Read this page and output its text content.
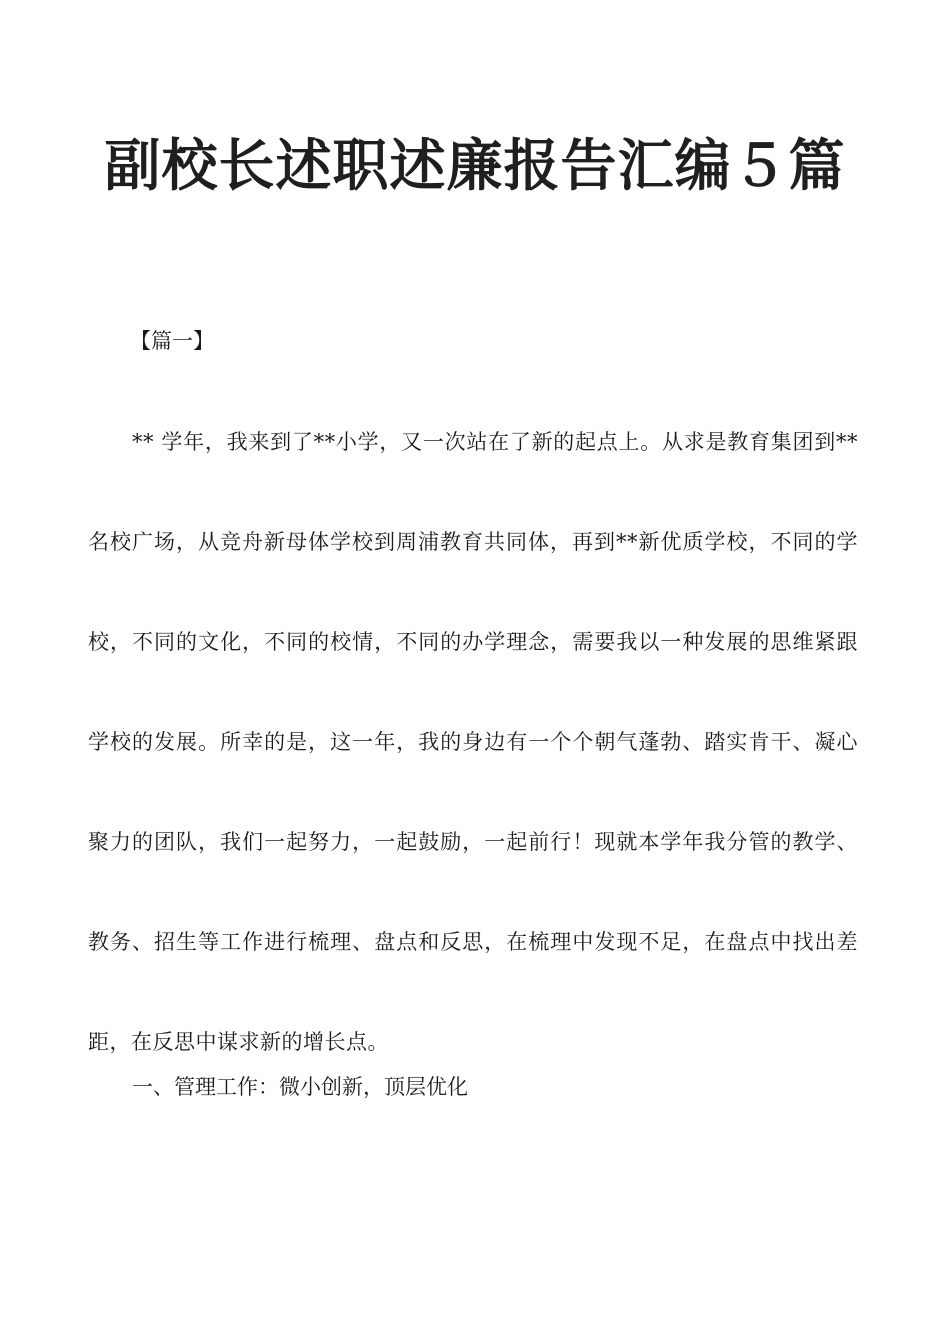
副校长述职述廉报告汇编５篇

【篇一】

** 学年，我来到了**小学，又一次站在了新的起点上。从求是教育集团到**名校广场，从竞舟新母体学校到周浦教育共同体，再到**新优质学校，不同的学校，不同的文化，不同的校情，不同的办学理念，需要我以一种发展的思维紧跟学校的发展。所幸的是，这一年，我的身边有一个个朝气蓬勃、踏实肯干、凝心聚力的团队，我们一起努力，一起鼓励，一起前行！现就本学年我分管的教学、教务、招生等工作进行梳理、盘点和反思，在梳理中发现不足，在盘点中找出差距，在反思中谋求新的增长点。

一、管理工作：微小创新，顶层优化
